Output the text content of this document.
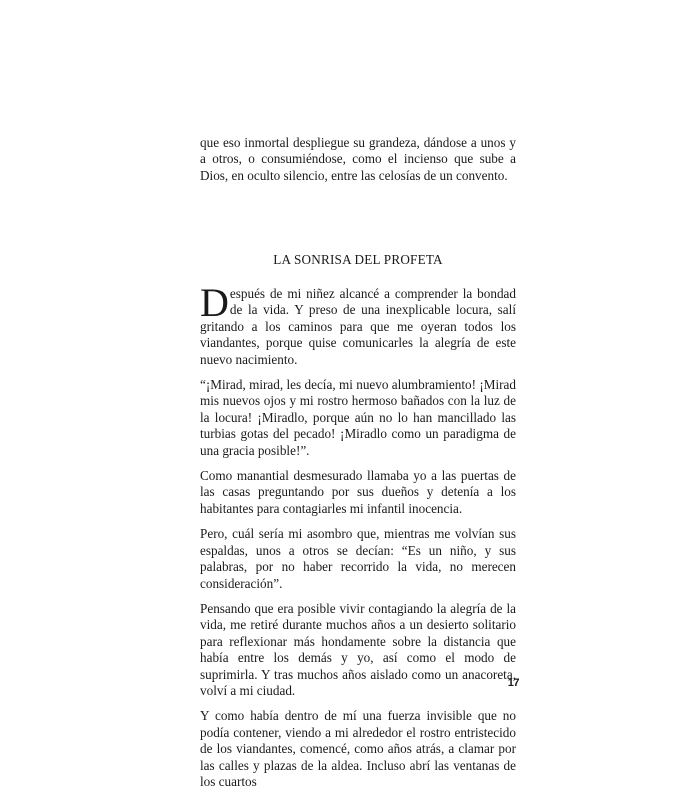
que eso inmortal despliegue su grandeza, dándose a unos y a otros, o consumiéndose, como el incienso que sube a Dios, en oculto silencio, entre las celosías de un convento.

LA SONRISA DEL PROFETA

Después de mi niñez alcancé a comprender la bondad de la vida. Y preso de una inexplicable locura, salí gritando a los caminos para que me oyeran todos los viandantes, porque quise comunicarles la alegría de este nuevo nacimiento.

“¡Mirad, mirad, les decía, mi nuevo alumbramiento! ¡Mirad mis nuevos ojos y mi rostro hermoso bañados con la luz de la locura! ¡Miradlo, porque aún no lo han mancillado las turbias gotas del pecado! ¡Miradlo como un paradigma de una gracia posible!”.

Como manantial desmesurado llamaba yo a las puertas de las casas preguntando por sus dueños y detenía a los habitantes para contagiarles mi infantil inocencia.

Pero, cuál sería mi asombro que, mientras me volvían sus espaldas, unos a otros se decían: “Es un niño, y sus palabras, por no haber recorrido la vida, no merecen consideración”.

Pensando que era posible vivir contagiando la alegría de la vida, me retiré durante muchos años a un desierto solitario para reflexionar más hondamente sobre la distancia que había entre los demás y yo, así como el modo de suprimirla. Y tras muchos años aislado como un anacoreta, volví a mi ciudad.

Y como había dentro de mí una fuerza invisible que no podía contener, viendo a mi alrededor el rostro entristecido de los viandantes, comencé, como años atrás, a clamar por las calles y plazas de la aldea. Incluso abrí las ventanas de los cuartos

17
